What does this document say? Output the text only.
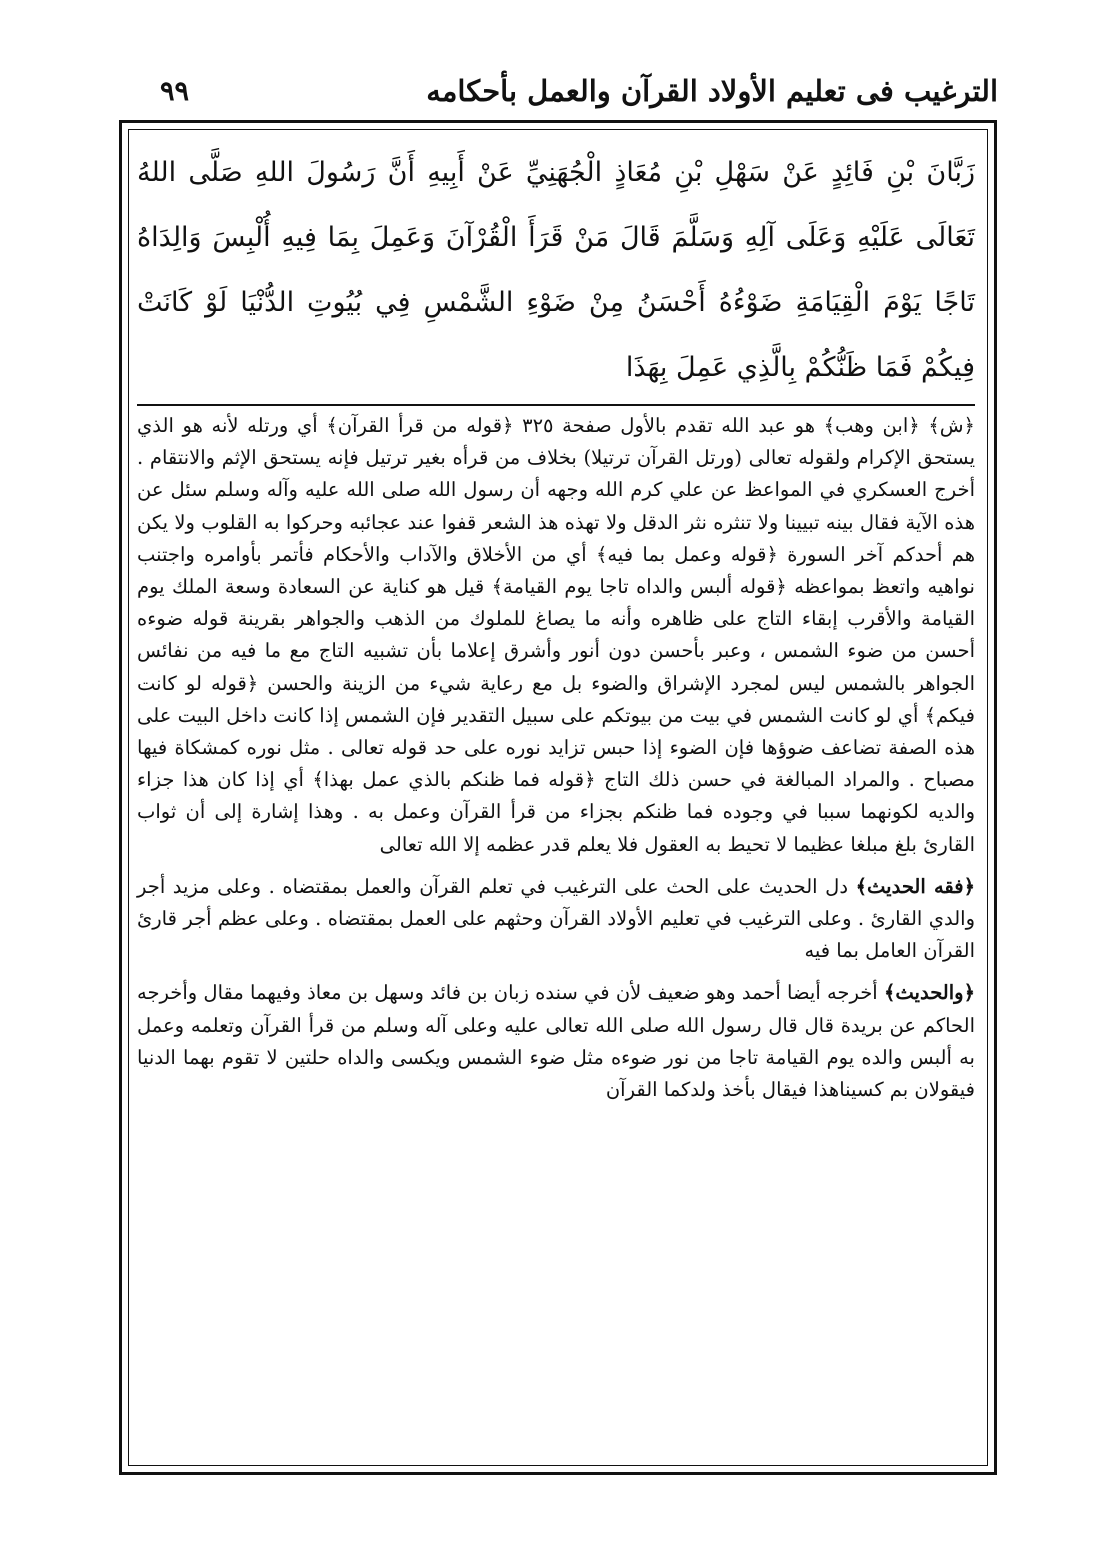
الترغيب فى تعليم الأولاد القرآن والعمل بأحكامه
٩٩

زَبَّانَ بْنِ فَائِدٍ عَنْ سَهْلِ بْنِ مُعَاذٍ الْجُهَنِيِّ عَنْ أَبِيهِ أَنَّ رَسُولَ اللهِ صَلَّى اللهُ تَعَالَى عَلَيْهِ وَعَلَى آلِهِ وَسَلَّمَ قَالَ مَنْ قَرَأَ الْقُرْآنَ وَعَمِلَ بِمَا فِيهِ أُلْبِسَ وَالِدَاهُ تَاجًا يَوْمَ الْقِيَامَةِ ضَوْءُهُ أَحْسَنُ مِنْ ضَوْءِ الشَّمْسِ فِي بُيُوتِ الدُّنْيَا لَوْ كَانَتْ فِيكُمْ فَمَا ظَنُّكُمْ بِالَّذِي عَمِلَ بِهَذَا

﴿ش﴾ ﴿ابن وهب﴾ هو عبد الله تقدم بالأول صفحة ٣٢٥ ﴿قوله من قرأ القرآن﴾ أي ورتله لأنه هو الذي يستحق الإكرام ولقوله تعالى (ورتل القرآن ترتيلا) بخلاف من قرأه بغير ترتيل فإنه يستحق الإثم والانتقام . أخرج العسكري في المواعظ عن علي كرم الله وجهه أن رسول الله صلى الله عليه وآله وسلم سئل عن هذه الآية فقال بينه تبيينا ولا تنثره نثر الدقل ولا تهذه هذ الشعر قفوا عند عجائبه وحركوا به القلوب ولا يكن هم أحدكم آخر السورة ﴿قوله وعمل بما فيه﴾ أي من الأخلاق والآداب والأحكام فأتمر بأوامره واجتنب نواهيه واتعظ بمواعظه ﴿قوله ألبس والداه تاجا يوم القيامة﴾ قيل هو كناية عن السعادة وسعة الملك يوم القيامة والأقرب إبقاء التاج على ظاهره وأنه ما يصاغ للملوك من الذهب والجواهر بقرينة قوله ضوءه أحسن من ضوء الشمس ، وعبر بأحسن دون أنور وأشرق إعلاما بأن تشبيه التاج مع ما فيه من نفائس الجواهر بالشمس ليس لمجرد الإشراق والضوء بل مع رعاية شيء من الزينة والحسن ﴿قوله لو كانت فيكم﴾ أي لو كانت الشمس في بيت من بيوتكم على سبيل التقدير فإن الشمس إذا كانت داخل البيت على هذه الصفة تضاعف ضوؤها فإن الضوء إذا حبس تزايد نوره على حد قوله تعالى . مثل نوره كمشكاة فيها مصباح . والمراد المبالغة في حسن ذلك التاج ﴿قوله فما ظنكم بالذي عمل بهذا﴾ أي إذا كان هذا جزاء والديه لكونهما سببا في وجوده فما ظنكم بجزاء من قرأ القرآن وعمل به . وهذا إشارة إلى أن ثواب القارئ بلغ مبلغا عظيما لا تحيط به العقول فلا يعلم قدر عظمه إلا الله تعالى

﴿فقه الحديث﴾ دل الحديث على الحث على الترغيب في تعلم القرآن والعمل بمقتضاه . وعلى مزيد أجر والدي القارئ . وعلى الترغيب في تعليم الأولاد القرآن وحثهم على العمل بمقتضاه . وعلى عظم أجر قارئ القرآن العامل بما فيه

﴿والحديث﴾ أخرجه أيضا أحمد وهو ضعيف لأن في سنده زبان بن فائد وسهل بن معاذ وفيهما مقال وأخرجه الحاكم عن بريدة قال قال رسول الله صلى الله تعالى عليه وعلى آله وسلم من قرأ القرآن وتعلمه وعمل به ألبس والده يوم القيامة تاجا من نور ضوءه مثل ضوء الشمس ويكسى والداه حلتين لا تقوم بهما الدنيا فيقولان بم كسيناهذا فيقال بأخذ ولدكما القرآن
